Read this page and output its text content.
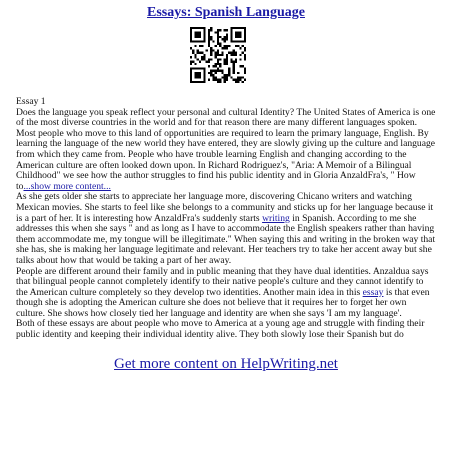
Essays: Spanish Language

Essay 1

Does the language you speak reflect your personal and cultural Identity? The United States of America is one of the most diverse countries in the world and for that reason there are many different languages spoken. Most people who move to this land of opportunities are required to learn the primary language, English. By learning the language of the new world they have entered, they are slowly giving up the culture and language from which they came from. People who have trouble learning English and changing according to the American culture are often looked down upon. In Richard Rodriguez's, "Aria: A Memoir of a Bilingual Childhood" we see how the author struggles to find his public identity and in Gloria AnzaldFra's, " How to...show more content...

As she gets older she starts to appreciate her language more, discovering Chicano writers and watching Mexican movies. She starts to feel like she belongs to a community and sticks up for her language because it is a part of her. It is interesting how AnzaldFra's suddenly starts writing in Spanish. According to me she addresses this when she says " and as long as I have to accommodate the English speakers rather than having them accommodate me, my tongue will be illegitimate." When saying this and writing in the broken way that she has, she is making her language legitimate and relevant. Her teachers try to take her accent away but she talks about how that would be taking a part of her away.

People are different around their family and in public meaning that they have dual identities. Anzaldua says that bilingual people cannot completely identify to their native people's culture and they cannot identify to the American culture completely so they develop two identities. Another main idea in this essay is that even though she is adopting the American culture she does not believe that it requires her to forget her own culture. She shows how closely tied her language and identity are when she says 'I am my language'.

Both of these essays are about people who move to America at a young age and struggle with finding their public identity and keeping their individual identity alive. They both slowly lose their Spanish but do

Get more content on HelpWriting.net
